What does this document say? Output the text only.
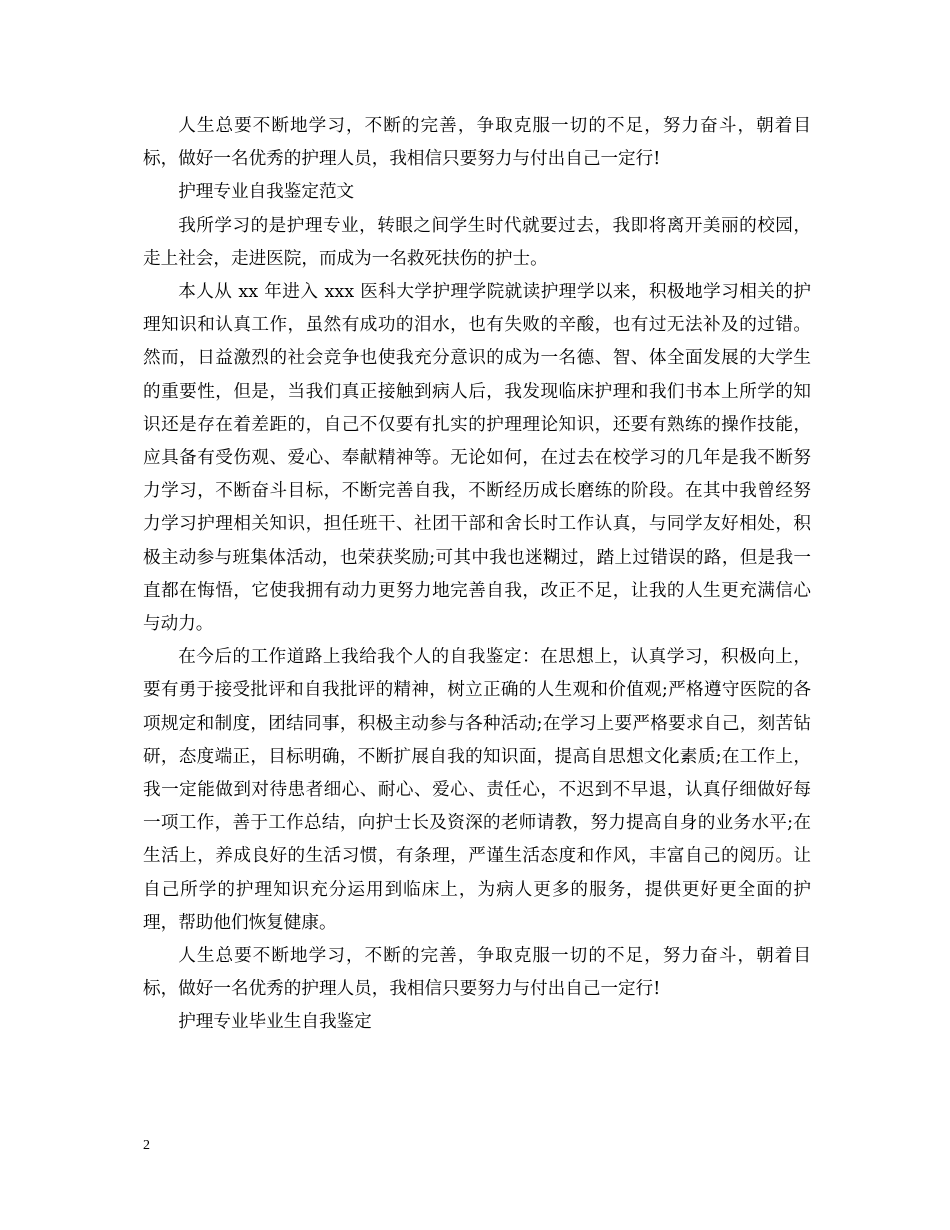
人生总要不断地学习，不断的完善，争取克服一切的不足，努力奋斗，朝着目标，做好一名优秀的护理人员，我相信只要努力与付出自己一定行!

护理专业自我鉴定范文

我所学习的是护理专业，转眼之间学生时代就要过去，我即将离开美丽的校园，走上社会，走进医院，而成为一名救死扶伤的护士。

本人从 xx 年进入 xxx 医科大学护理学院就读护理学以来，积极地学习相关的护理知识和认真工作，虽然有成功的泪水，也有失败的辛酸，也有过无法补及的过错。然而，日益激烈的社会竞争也使我充分意识的成为一名德、智、体全面发展的大学生的重要性，但是，当我们真正接触到病人后，我发现临床护理和我们书本上所学的知识还是存在着差距的，自己不仅要有扎实的护理理论知识，还要有熟练的操作技能，应具备有受伤观、爱心、奉献精神等。无论如何，在过去在校学习的几年是我不断努力学习，不断奋斗目标，不断完善自我，不断经历成长磨练的阶段。在其中我曾经努力学习护理相关知识，担任班干、社团干部和舍长时工作认真，与同学友好相处，积极主动参与班集体活动，也荣获奖励;可其中我也迷糊过，踏上过错误的路，但是我一直都在悔悟，它使我拥有动力更努力地完善自我，改正不足，让我的人生更充满信心与动力。

在今后的工作道路上我给我个人的自我鉴定：在思想上，认真学习，积极向上，要有勇于接受批评和自我批评的精神，树立正确的人生观和价值观;严格遵守医院的各项规定和制度，团结同事，积极主动参与各种活动;在学习上要严格要求自己，刻苦钻研，态度端正，目标明确，不断扩展自我的知识面，提高自思想文化素质;在工作上，我一定能做到对待患者细心、耐心、爱心、责任心，不迟到不早退，认真仔细做好每一项工作，善于工作总结，向护士长及资深的老师请教，努力提高自身的业务水平;在生活上，养成良好的生活习惯，有条理，严谨生活态度和作风，丰富自己的阅历。让自己所学的护理知识充分运用到临床上，为病人更多的服务，提供更好更全面的护理，帮助他们恢复健康。

人生总要不断地学习，不断的完善，争取克服一切的不足，努力奋斗，朝着目标，做好一名优秀的护理人员，我相信只要努力与付出自己一定行!

护理专业毕业生自我鉴定

2
